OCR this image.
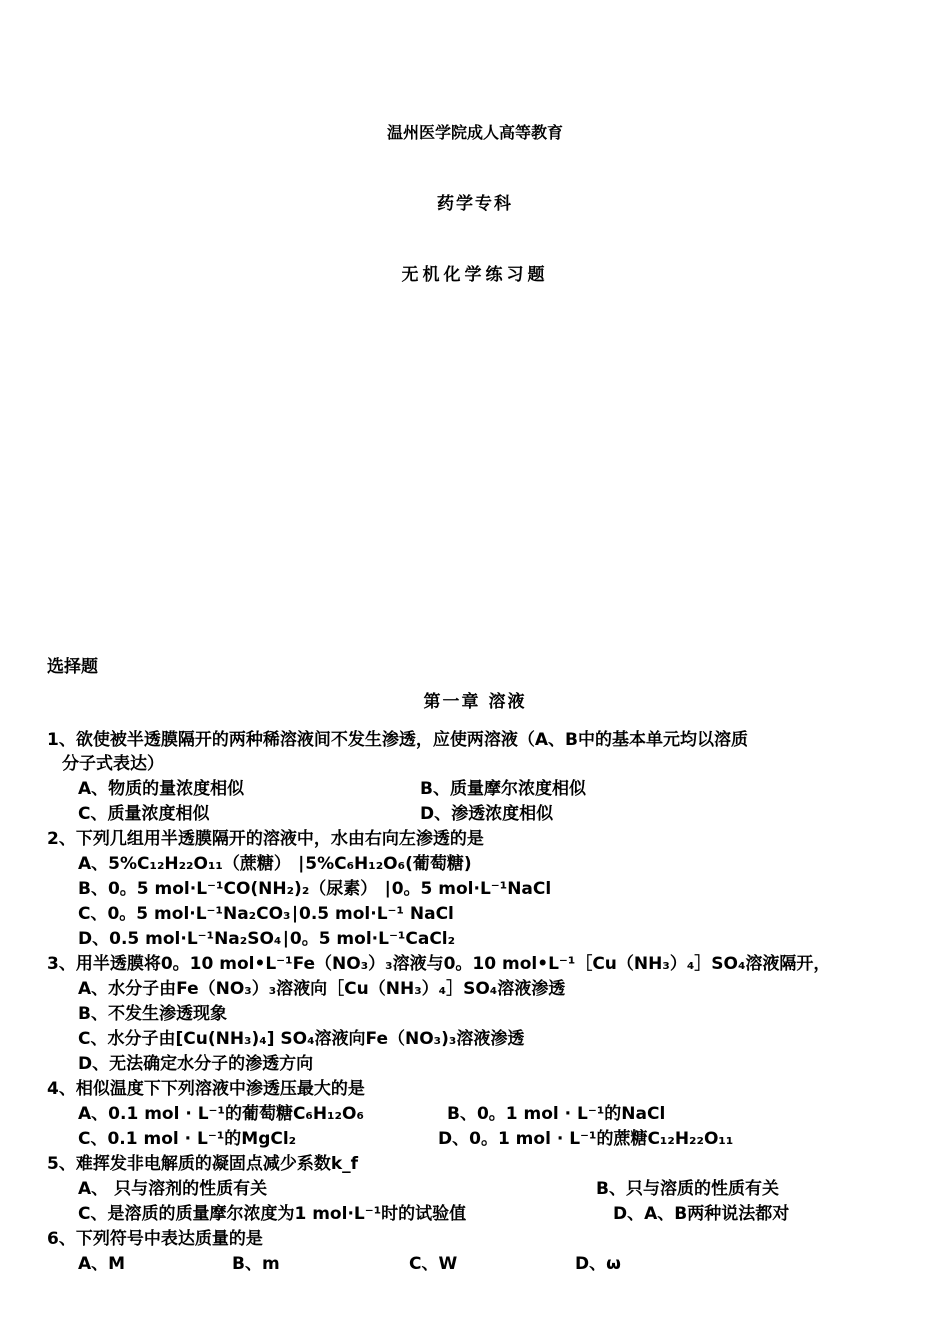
温州医学院成人高等教育
药学专科
无机化学练习题
选择题
第一章 溶液
1、欲使被半透膜隔开的两种稀溶液间不发生渗透，应使两溶液（A、B中的基本单元均以溶质
分子式表达）
A、物质的量浓度相似	B、质量摩尔浓度相似
C、质量浓度相似	D、渗透浓度相似
2、下列几组用半透膜隔开的溶液中，水由右向左渗透的是
A、5%C₁₂H₂₂O₁₁（蔗糖） ∣5%C₆H₁₂O₆(葡萄糖)
B、0。5 mol·L⁻¹CO(NH₂)₂（尿素） ∣0。5 mol·L⁻¹NaCl
C、0。5 mol·L⁻¹Na₂CO₃∣0.5 mol·L⁻¹ NaCl
D、0.5 mol·L⁻¹Na₂SO₄∣0。5 mol·L⁻¹CaCl₂
3、用半透膜将0。10 mol•L⁻¹Fe（NO₃）₃溶液与0。10 mol•L⁻¹［Cu（NH₃）₄］SO₄溶液隔开，
A、水分子由Fe（NO₃）₃溶液向［Cu（NH₃）₄］SO₄溶液渗透
B、不发生渗透现象
C、水分子由[Cu(NH₃)₄] SO₄溶液向Fe（NO₃)₃溶液渗透
D、无法确定水分子的渗透方向
4、相似温度下下列溶液中渗透压最大的是
A、0.1 mol · L⁻¹的葡萄糖C₆H₁₂O₆	B、0。1 mol · L⁻¹的NaCl
C、0.1 mol · L⁻¹的MgCl₂	D、0。1 mol · L⁻¹的蔗糖C₁₂H₂₂O₁₁
5、难挥发非电解质的凝固点减少系数k_f
A、 只与溶剂的性质有关	B、只与溶质的性质有关
C、是溶质的质量摩尔浓度为1 mol·L⁻¹时的试验值	D、A、B两种说法都对
6、下列符号中表达质量的是
A、M	B、m	C、W	D、ω
